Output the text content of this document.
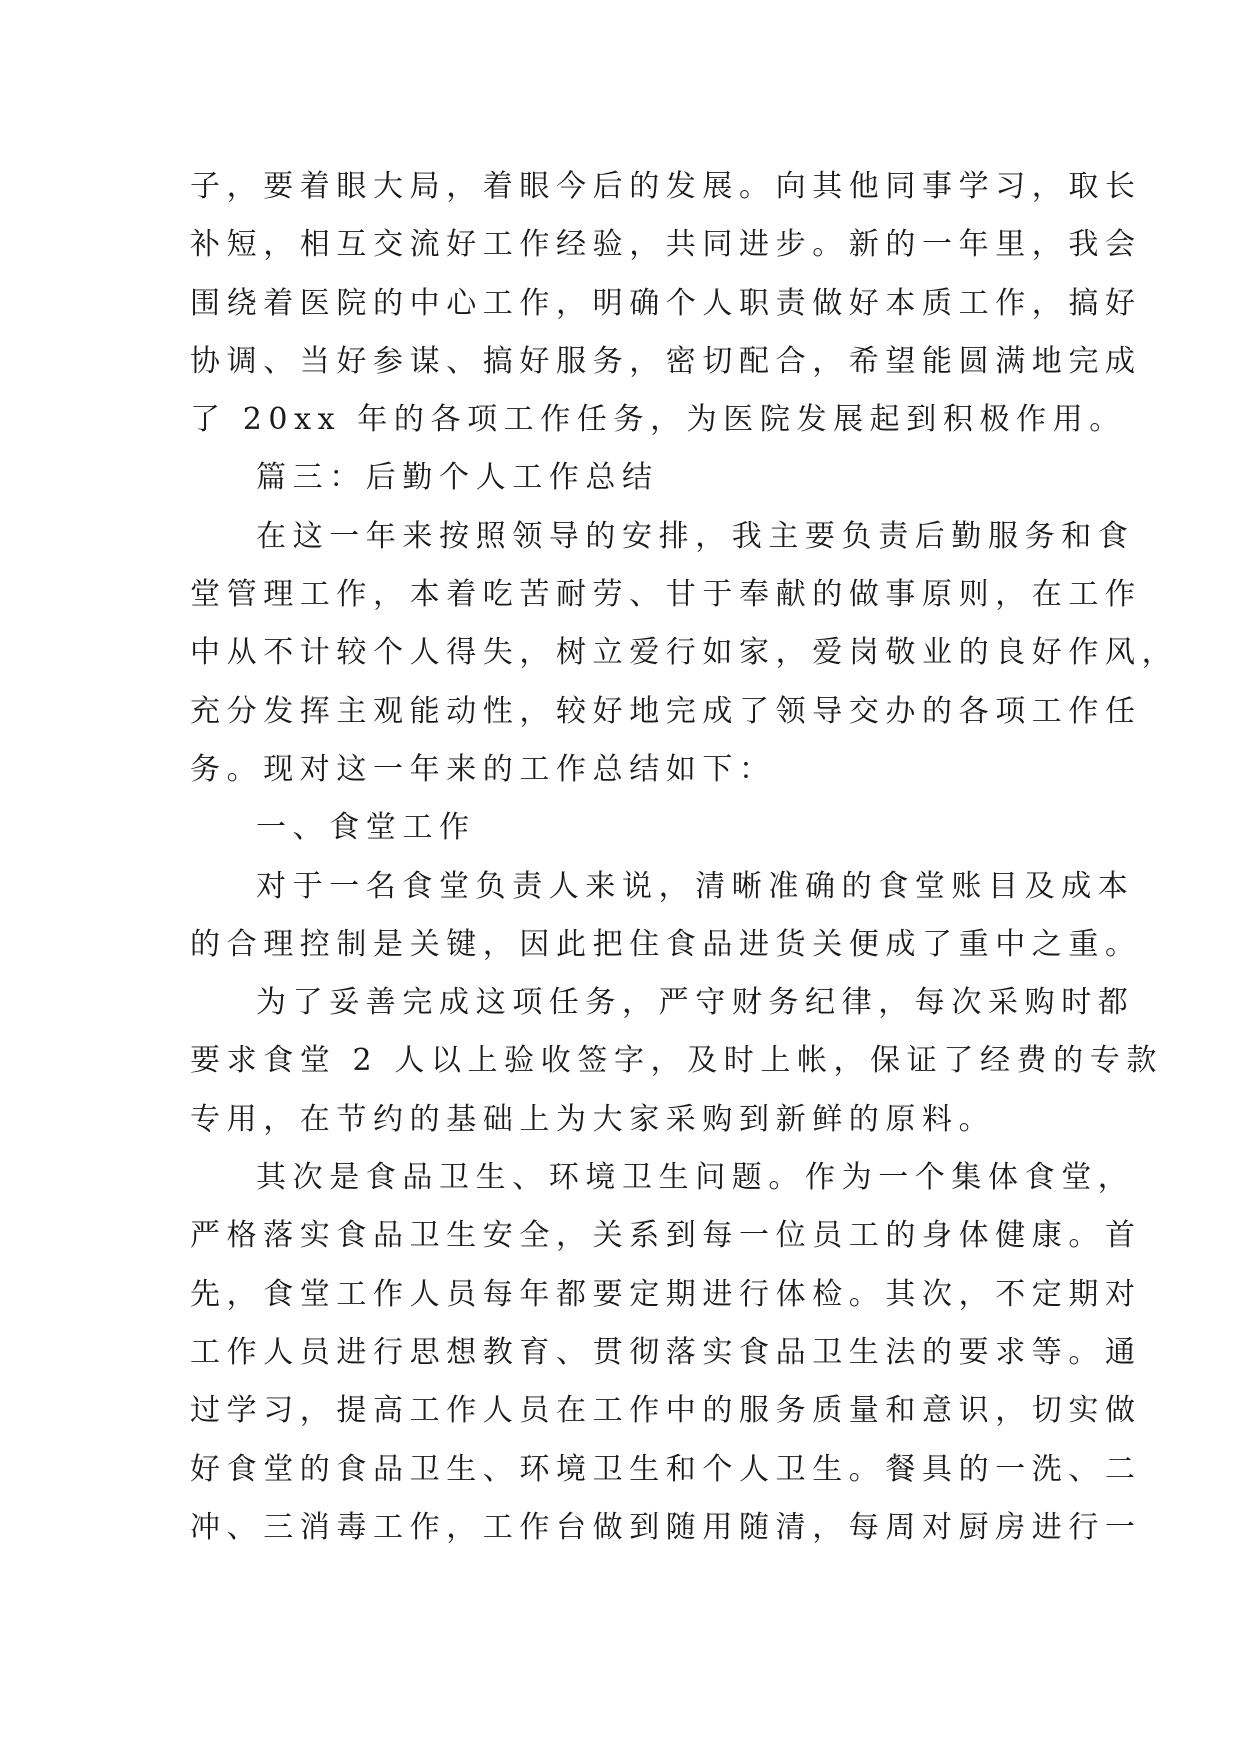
子，要着眼大局，着眼今后的发展。向其他同事学习，取长
补短，相互交流好工作经验，共同进步。新的一年里，我会
围绕着医院的中心工作，明确个人职责做好本质工作，搞好
协调、当好参谋、搞好服务，密切配合，希望能圆满地完成
了 20xx 年的各项工作任务，为医院发展起到积极作用。
篇三：后勤个人工作总结
在这一年来按照领导的安排，我主要负责后勤服务和食
堂管理工作，本着吃苦耐劳、甘于奉献的做事原则，在工作
中从不计较个人得失，树立爱行如家，爱岗敬业的良好作风，
充分发挥主观能动性，较好地完成了领导交办的各项工作任
务。现对这一年来的工作总结如下：
一、食堂工作
对于一名食堂负责人来说，清晰准确的食堂账目及成本
的合理控制是关键，因此把住食品进货关便成了重中之重。
为了妥善完成这项任务，严守财务纪律，每次采购时都
要求食堂 2 人以上验收签字，及时上帐，保证了经费的专款
专用，在节约的基础上为大家采购到新鲜的原料。
其次是食品卫生、环境卫生问题。作为一个集体食堂，
严格落实食品卫生安全，关系到每一位员工的身体健康。首
先，食堂工作人员每年都要定期进行体检。其次，不定期对
工作人员进行思想教育、贯彻落实食品卫生法的要求等。通
过学习，提高工作人员在工作中的服务质量和意识，切实做
好食堂的食品卫生、环境卫生和个人卫生。餐具的一洗、二
冲、三消毒工作，工作台做到随用随清，每周对厨房进行一
